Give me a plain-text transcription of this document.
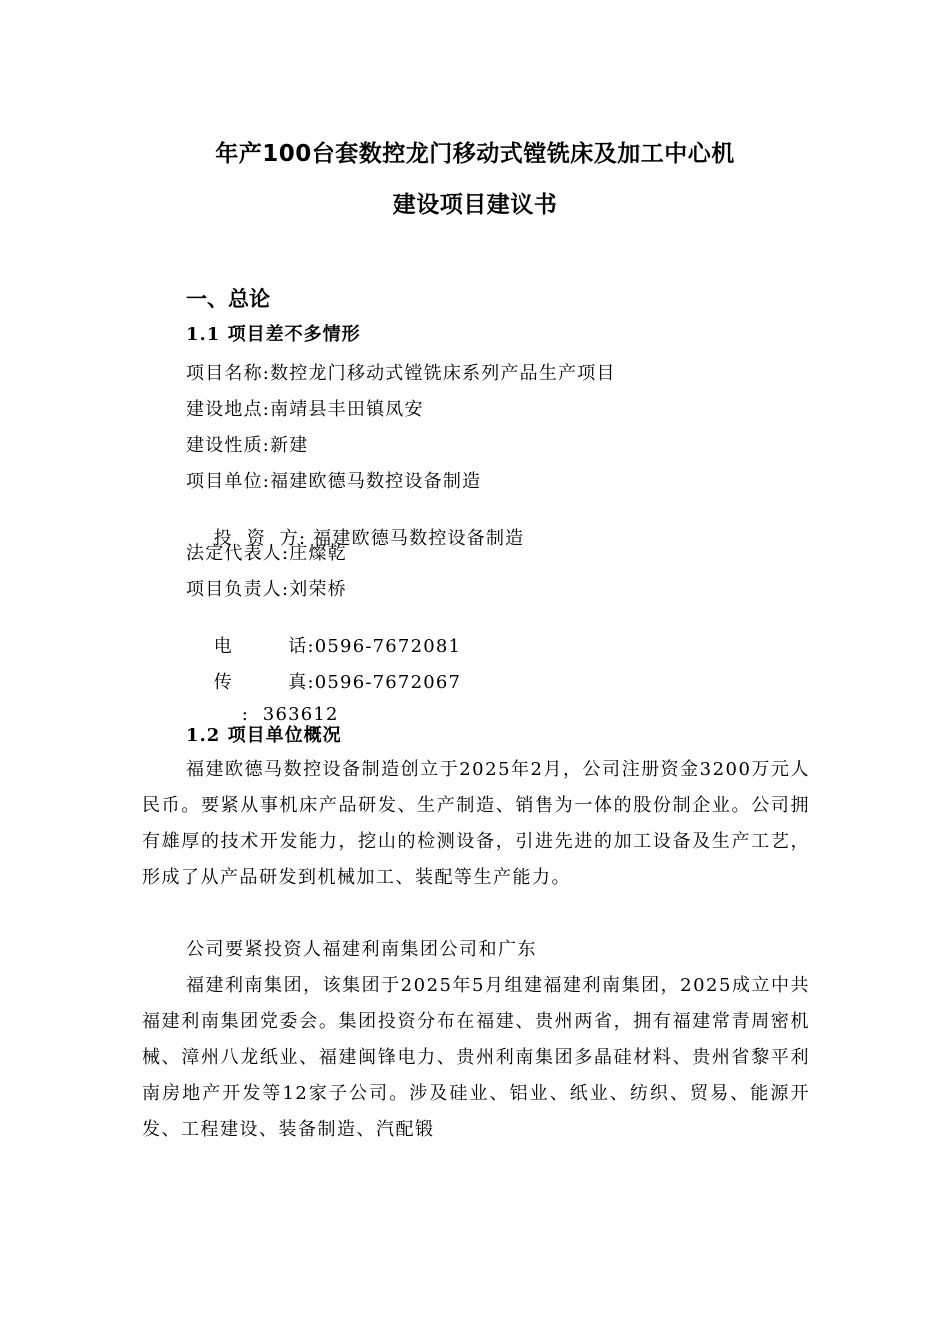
年产100台套数控龙门移动式镗铣床及加工中心机
建设项目建议书
一、总论
1.1 项目差不多情形
项目名称:数控龙门移动式镗铣床系列产品生产项目
建设地点:南靖县丰田镇凤安
建设性质:新建
项目单位:福建欧德马数控设备制造

投  资  方: 福建欧德马数控设备制造

法定代表人:庄燦乾
项目负责人:刘荣桥

电        话:0596-7672081

传        真:0596-7672067

: 363612

1.2 项目单位概况

福建欧德马数控设备制造创立于2025年2月，公司注册资金3200万元人民币。要紧从事机床产品研发、生产制造、销售为一体的股份制企业。公司拥有雄厚的技术开发能力，挖山的检测设备，引进先进的加工设备及生产工艺，形成了从产品研发到机械加工、装配等生产能力。

公司要紧投资人福建利南集团公司和广东

福建利南集团，该集团于2025年5月组建福建利南集团，2025成立中共福建利南集团党委会。集团投资分布在福建、贵州两省，拥有福建常青周密机械、漳州八龙纸业、福建闽锋电力、贵州利南集团多晶硅材料、贵州省黎平利南房地产开发等12家子公司。涉及硅业、铝业、纸业、纺织、贸易、能源开发、工程建设、装备制造、汽配锻
